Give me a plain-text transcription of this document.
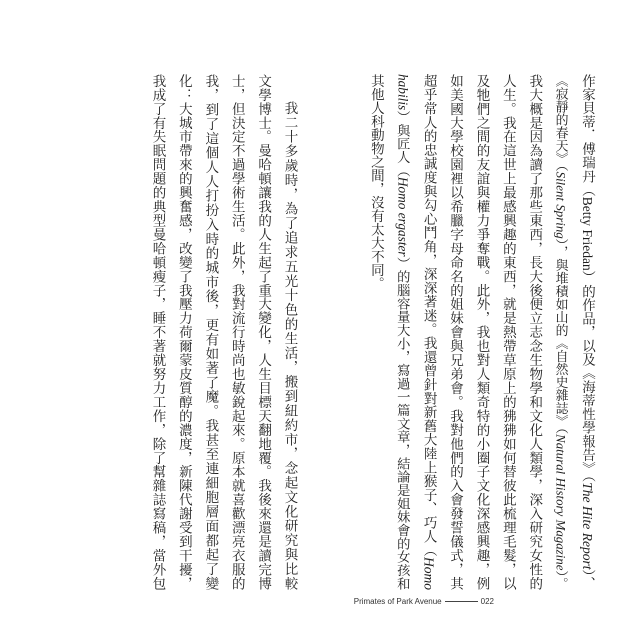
作家貝蒂．傅瑞丹（Betty Friedan）的作品，以及《海蒂性學報告》（The Hite Report）、
《寂靜的春天》（Silent Spring），與堆積如山的《自然史雜誌》（Natural History Magazine）。
我大概是因為讀了那些東西，長大後便立志念生物學和文化人類學，深入研究女性的
人生。我在這世上最感興趣的東西，就是熱帶草原上的狒狒如何替彼此梳理毛髮，以
及牠們之間的友誼與權力爭奪戰。此外，我也對人類奇特的小圈子文化深感興趣，例
如美國大學校園裡以希臘字母命名的姐妹會與兄弟會。我對他們的入會發誓儀式，其
超乎常人的忠誠度與勾心鬥角，深深著迷。我還曾針對新舊大陸上猴子、巧人（Homo
habilis）與匠人（Homo ergaster）的腦容量大小，寫過一篇文章，結論是姐妹會的女孩和
其他人科動物之間，沒有太大不同。
我二十多歲時，為了追求五光十色的生活，搬到紐約市，念起文化研究與比較
文學博士。曼哈頓讓我的人生起了重大變化，人生目標天翻地覆。我後來還是讀完博
士，但決定不過學術生活。此外，我對流行時尚也敏銳起來。原本就喜歡漂亮衣服的
我，到了這個人人打扮入時的城市後，更有如著了魔。我甚至連細胞層面都起了變
化：大城市帶來的興奮感，改變了我壓力荷爾蒙皮質醇的濃度，新陳代謝受到干擾，
我成了有失眠問題的典型曼哈頓瘦子，睡不著就努力工作，除了幫雜誌寫稿，當外包
Primates of Park Avenue	022
